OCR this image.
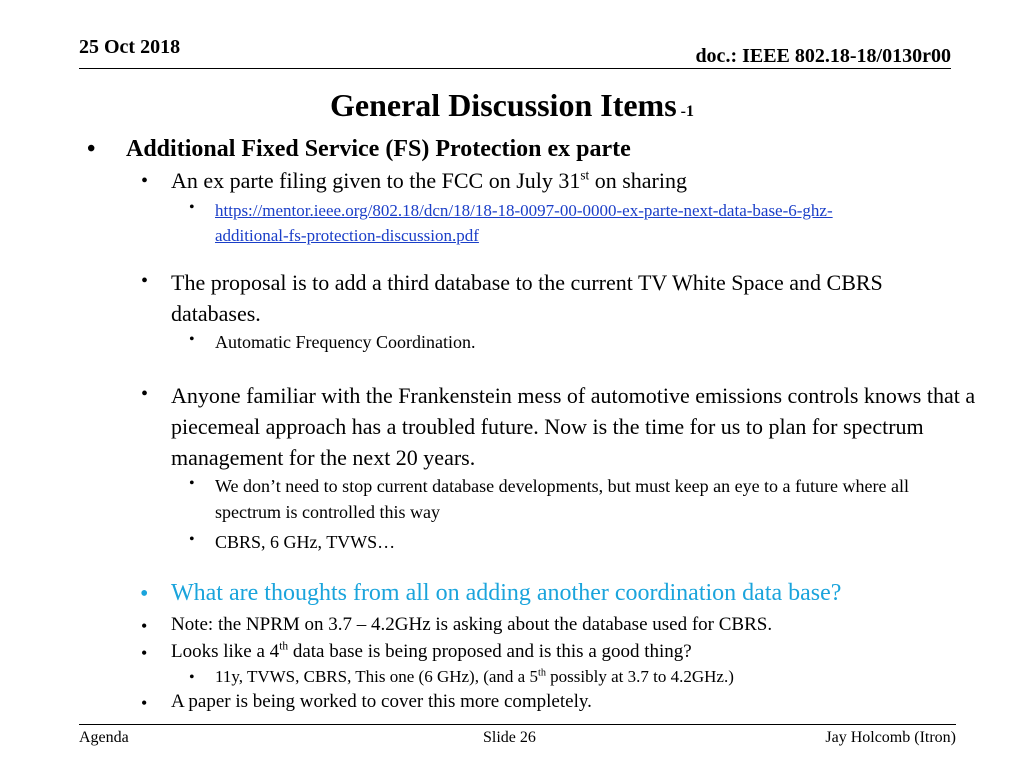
25 Oct 2018	doc.: IEEE 802.18-18/0130r00
General Discussion Items -1
• Additional Fixed Service (FS) Protection ex parte
• An ex parte filing given to the FCC on July 31st on sharing
• https://mentor.ieee.org/802.18/dcn/18/18-18-0097-00-0000-ex-parte-next-data-base-6-ghz-
additional-fs-protection-discussion.pdf
• The proposal is to add a third database to the current TV White Space and CBRS databases.
• Automatic Frequency Coordination.
• Anyone familiar with the Frankenstein mess of automotive emissions controls knows that a piecemeal approach has a troubled future. Now is the time for us to plan for spectrum management for the next 20 years.
• We don’t need to stop current database developments, but must keep an eye to a future where all spectrum is controlled this way
• CBRS, 6 GHz, TVWS…
• What are thoughts from all on adding another coordination data base?
• Note: the NPRM on 3.7 – 4.2GHz is asking about the database used for CBRS.
• Looks like a 4th data base is being proposed and is this a good thing?
• 11y, TVWS, CBRS, This one (6 GHz), (and a 5th possibly at 3.7 to 4.2GHz.)
• A paper is being worked to cover this more completely.
Agenda	Slide 26	Jay Holcomb (Itron)
